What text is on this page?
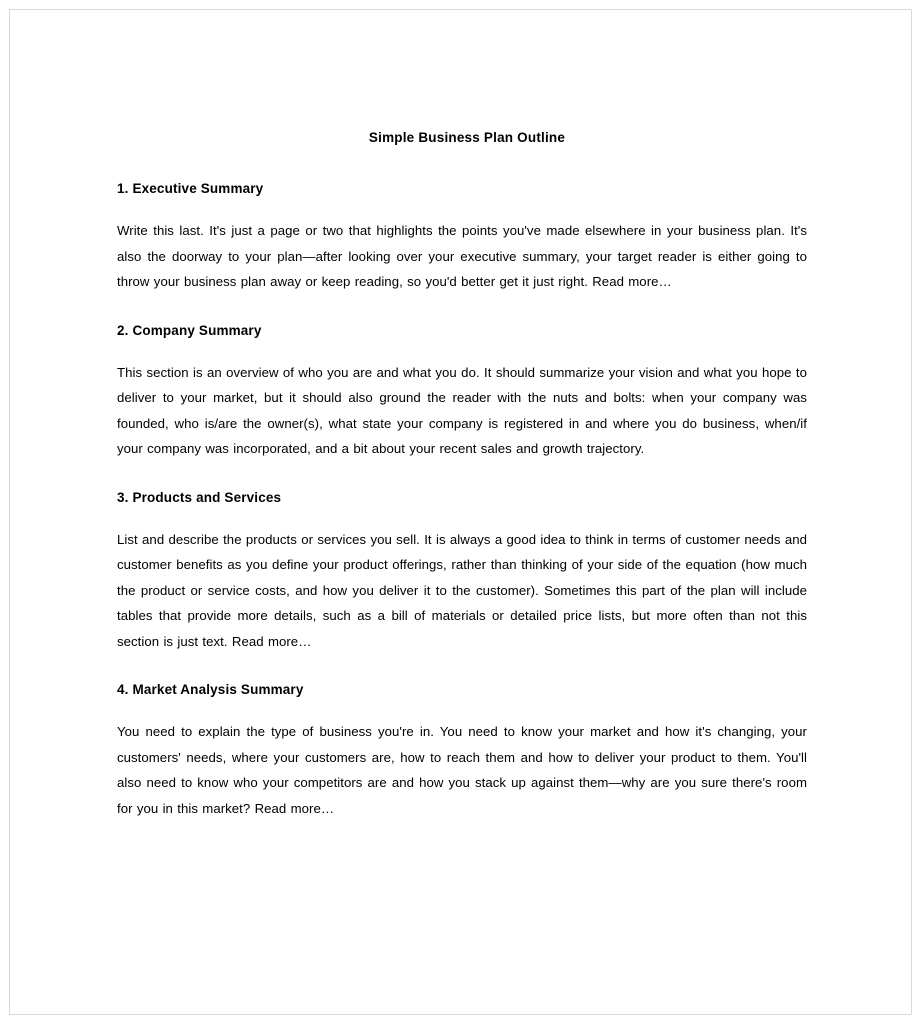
Simple Business Plan Outline
1. Executive Summary

Write this last. It's just a page or two that highlights the points you've made elsewhere in your business plan. It's also the doorway to your plan—after looking over your executive summary, your target reader is either going to throw your business plan away or keep reading, so you'd better get it just right. Read more…

2. Company Summary

This section is an overview of who you are and what you do. It should summarize your vision and what you hope to deliver to your market, but it should also ground the reader with the nuts and bolts: when your company was founded, who is/are the owner(s), what state your company is registered in and where you do business, when/if your company was incorporated, and a bit about your recent sales and growth trajectory.

3. Products and Services

List and describe the products or services you sell. It is always a good idea to think in terms of customer needs and customer benefits as you define your product offerings, rather than thinking of your side of the equation (how much the product or service costs, and how you deliver it to the customer). Sometimes this part of the plan will include tables that provide more details, such as a bill of materials or detailed price lists, but more often than not this section is just text. Read more…

4. Market Analysis Summary

You need to explain the type of business you're in. You need to know your market and how it's changing, your customers' needs, where your customers are, how to reach them and how to deliver your product to them. You'll also need to know who your competitors are and how you stack up against them—why are you sure there's room for you in this market? Read more…
